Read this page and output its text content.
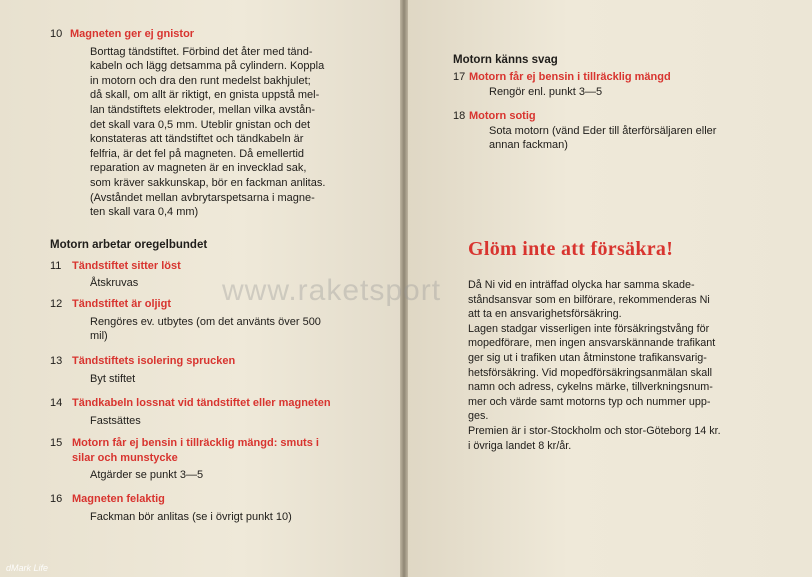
10 Magneten ger ej gnistor
Borttag tändstiftet. Förbind det åter med tänd-
kabeln och lägg detsamma på cylindern. Koppla
in motorn och dra den runt medelst bakhjulet;
då skall, om allt är riktigt, en gnista uppstå mel-
lan tändstiftets elektroder, mellan vilka avstån-
det skall vara 0,5 mm. Uteblir gnistan och det
konstateras att tändstiftet och tändkabeln är
felfria, är det fel på magneten. Då emellertid
reparation av magneten är en invecklad sak,
som kräver sakkunskap, bör en fackman anlitas.
(Avståndet mellan avbrytarspetsarna i magne-
ten skall vara 0,4 mm)
Motorn arbetar oregelbundet
11 Tändstiftet sitter löst
Åtskruvas
12 Tändstiftet är oljigt
Rengöres ev. utbytes (om det använts över 500
mil)
13 Tändstiftets isolering sprucken
Byt stiftet
14 Tändkabeln lossnat vid tändstiftet eller magneten
Fastsättes
15 Motorn får ej bensin i tillräcklig mängd: smuts i
silar och munstycke
Atgärder se punkt 3—5
16 Magneten felaktig
Fackman bör anlitas (se i övrigt punkt 10)
Motorn känns svag
17 Motorn får ej bensin i tillräcklig mängd
Rengör enl. punkt 3—5
18 Motorn sotig
Sota motorn (vänd Eder till återförsäljaren eller
annan fackman)
Glöm inte att försäkra!
Då Ni vid en inträffad olycka har samma skade-
ståndsansvar som en bilförare, rekommenderas Ni
att ta en ansvarighetsförsäkring.
Lagen stadgar visserligen inte försäkringstvång för
mopedförare, men ingen ansvarskännande trafikant
ger sig ut i trafiken utan åtminstone trafikansvarig-
hetsförsäkring. Vid mopedförsäkringsanmälan skall
namn och adress, cykelns märke, tillverkningsnum-
mer och värde samt motorns typ och nummer upp-
ges.
Premien är i stor-Stockholm och stor-Göteborg 14 kr.
i övriga landet 8 kr/år.
www.raketsport
dMark Life
